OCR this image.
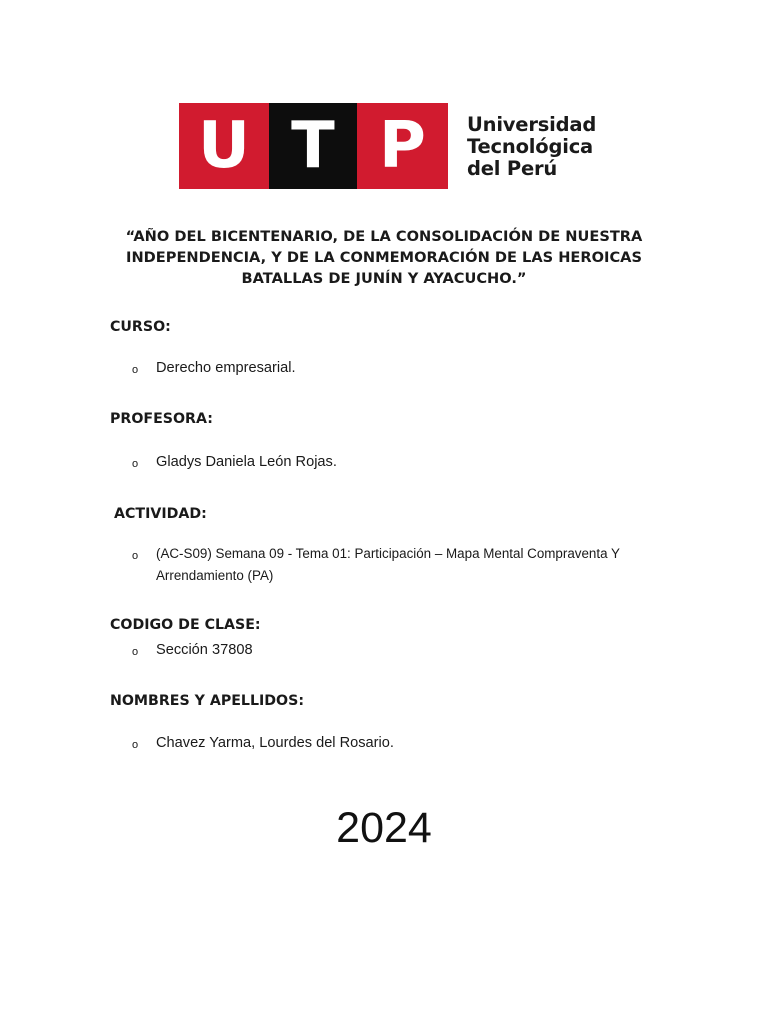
U T P	Universidad
Tecnológica
del Perú
“AÑO DEL BICENTENARIO, DE LA CONSOLIDACIÓN DE NUESTRA
INDEPENDENCIA, Y DE LA CONMEMORACIÓN DE LAS HEROICAS
BATALLAS DE JUNÍN Y AYACUCHO.”
CURSO:
o Derecho empresarial.
PROFESORA:
o Gladys Daniela León Rojas.
ACTIVIDAD:
o (AC-S09) Semana 09 - Tema 01: Participación – Mapa Mental Compraventa Y
Arrendamiento (PA)
CODIGO DE CLASE:
o Sección 37808
NOMBRES Y APELLIDOS:
o Chavez Yarma, Lourdes del Rosario.
2024
